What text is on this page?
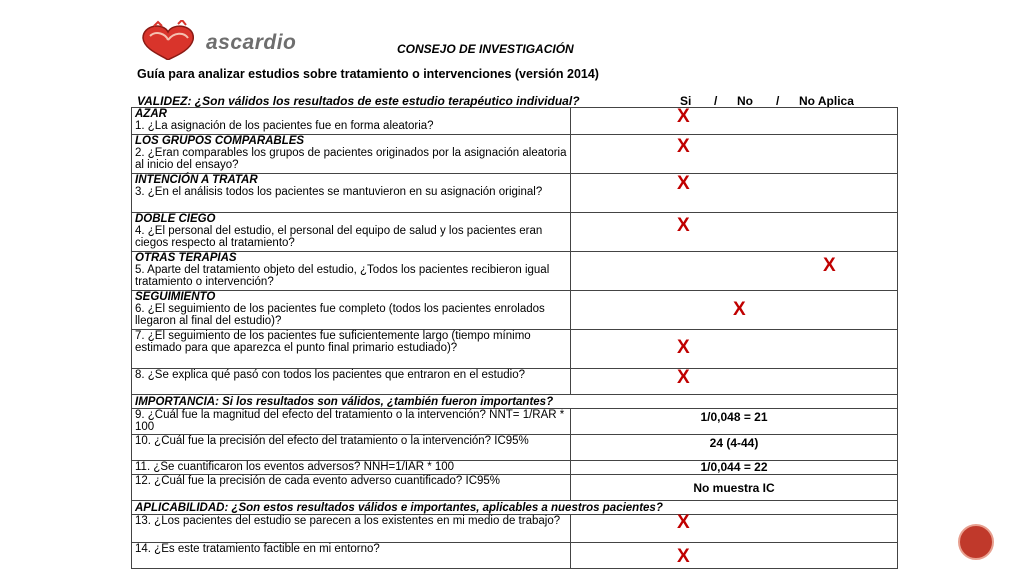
ascardio	CONSEJO DE INVESTIGACIÓN
Guía para analizar estudios sobre tratamiento o intervenciones (versión 2014)
VALIDEZ: ¿Son válidos los resultados de este estudio terapéutico individual?	Si / No / No Aplica
AZAR
1. ¿La asignación de los pacientes fue en forma aleatoria?	X

LOS GRUPOS COMPARABLES
2. ¿Eran comparables los grupos de pacientes originados por la asignación aleatoria al inicio del ensayo?	X

INTENCIÓN A TRATAR
3. ¿En el análisis todos los pacientes se mantuvieron en su asignación original?	X

DOBLE CIEGO
4. ¿El personal del estudio, el personal del equipo de salud y los pacientes eran ciegos respecto al tratamiento?	X

OTRAS TERAPIAS
5. Aparte del tratamiento objeto del estudio, ¿Todos los pacientes recibieron igual tratamiento o intervención?	X

SEGUIMIENTO
6. ¿El seguimiento de los pacientes fue completo (todos los pacientes enrolados llegaron al final del estudio)?	X

7. ¿El seguimiento de los pacientes fue suficientemente largo (tiempo mínimo estimado para que aparezca el punto final primario estudiado)?	X

8. ¿Se explica qué pasó con todos los pacientes que entraron en el estudio?	X

IMPORTANCIA: Si los resultados son válidos, ¿también fueron importantes?	
9. ¿Cuál fue la magnitud del efecto del tratamiento o la intervención? NNT= 1/RAR * 100	1/0,048 = 21

10. ¿Cuál fue la precisión del efecto del tratamiento o la intervención? IC95%	24 (4-44)

11. ¿Se cuantificaron los eventos adversos? NNH=1/IAR * 100	1/0,044 = 22

12. ¿Cuál fue la precisión de cada evento adverso cuantificado? IC95%	No muestra IC

APLICABILIDAD: ¿Son estos resultados válidos e importantes, aplicables a nuestros pacientes?	
13. ¿Los pacientes del estudio se parecen a los existentes en mi medio de trabajo?	X

14. ¿Es este tratamiento factible en mi entorno?	X
